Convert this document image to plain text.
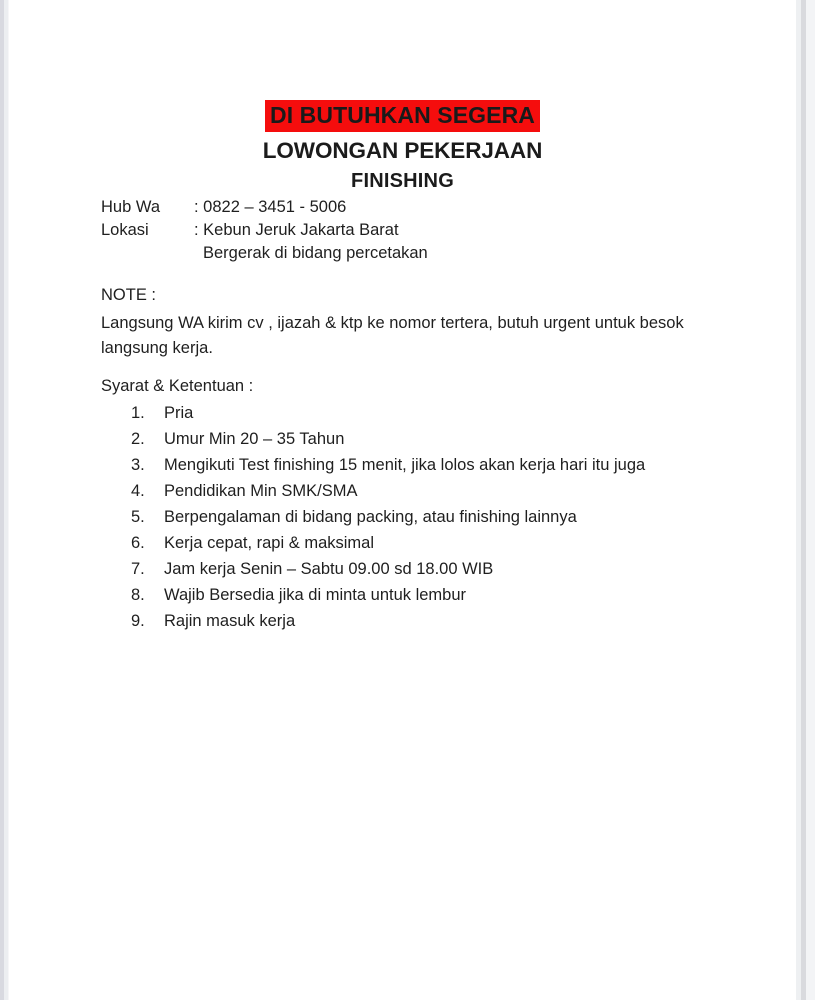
DI BUTUHKAN SEGERA
LOWONGAN PEKERJAAN
FINISHING
Hub Wa	: 0822 – 3451 - 5006
Lokasi	: Kebun Jeruk Jakarta Barat
Bergerak di bidang percetakan
NOTE :
Langsung WA kirim cv , ijazah & ktp ke nomor tertera, butuh urgent untuk besok langsung kerja.
Syarat & Ketentuan :
1.	Pria
2.	Umur Min 20 – 35 Tahun
3.	Mengikuti Test finishing 15 menit, jika lolos akan kerja hari itu juga
4.	Pendidikan Min SMK/SMA
5.	Berpengalaman di bidang packing, atau finishing lainnya
6.	Kerja cepat, rapi & maksimal
7.	Jam kerja Senin – Sabtu 09.00 sd 18.00 WIB
8.	Wajib Bersedia jika di minta untuk lembur
9.	Rajin masuk kerja
